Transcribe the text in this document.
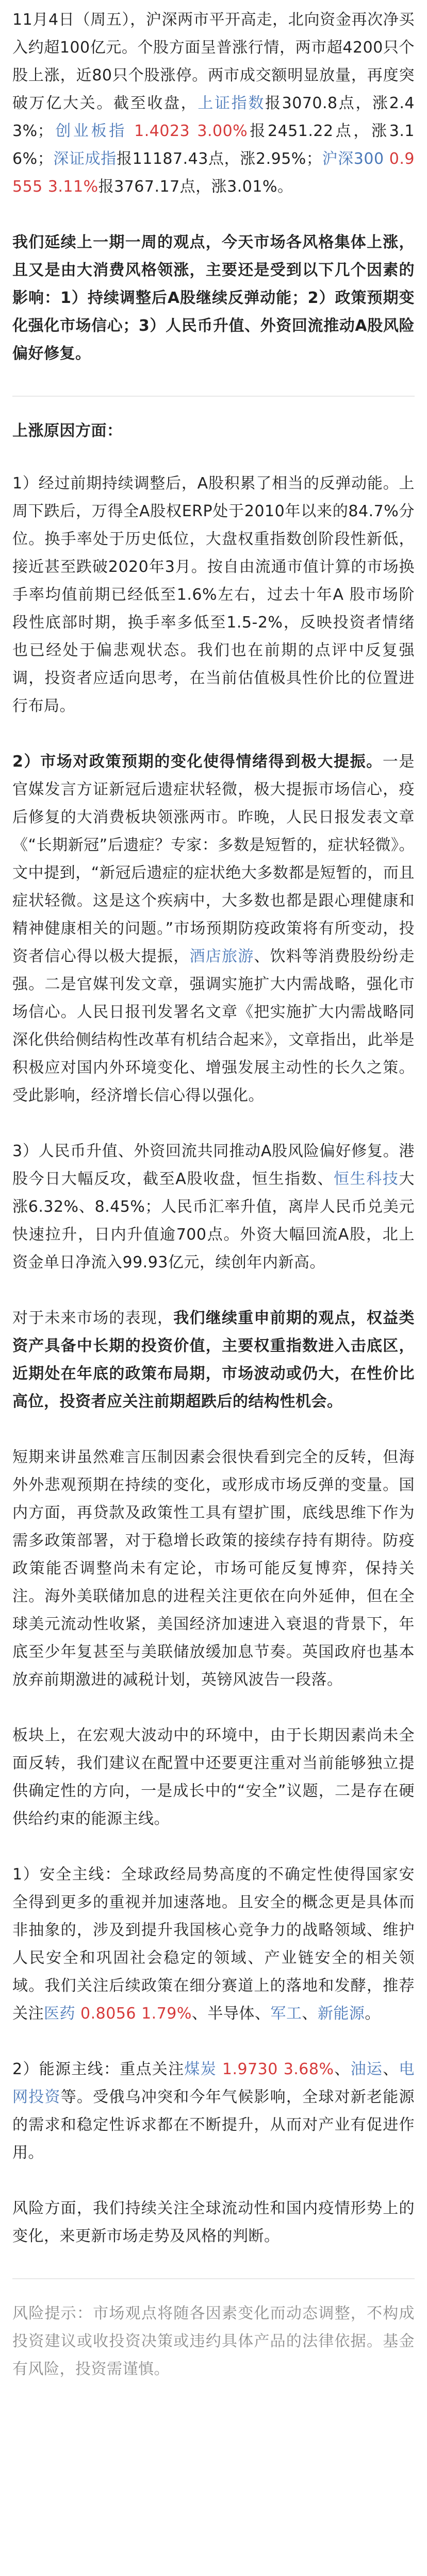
11月4日（周五），沪深两市平开高走，北向资金再次净买入约超100亿元。个股方面呈普涨行情，两市超4200只个股上涨，近80只个股涨停。两市成交额明显放量，再度突破万亿大关。截至收盘，上证指数报3070.8点，涨2.43%；创业板指 1.4023 3.00%报2451.22点，涨3.16%；深证成指报11187.43点，涨2.95%；沪深300 0.9555 3.11%报3767.17点，涨3.01%。

我们延续上一期一周的观点，今天市场各风格集体上涨，且又是由大消费风格领涨，主要还是受到以下几个因素的影响：1）持续调整后A股继续反弹动能；2）政策预期变化强化市场信心；3）人民币升值、外资回流推动A股风险偏好修复。

上涨原因方面：

1）经过前期持续调整后，A股积累了相当的反弹动能。上周下跌后，万得全A股权ERP处于2010年以来的84.7%分位。换手率处于历史低位，大盘权重指数创阶段性新低，接近甚至跌破2020年3月。按自由流通市值计算的市场换手率均值前期已经低至1.6%左右，过去十年A 股市场阶段性底部时期，换手率多低至1.5-2%，反映投资者情绪也已经处于偏悲观状态。我们也在前期的点评中反复强调，投资者应适向思考，在当前估值极具性价比的位置进行布局。

2）市场对政策预期的变化使得情绪得到极大提振。一是官媒发言方证新冠后遗症状轻微，极大提振市场信心，疫后修复的大消费板块领涨两市。昨晚，人民日报发表文章《“长期新冠”后遗症？专家：多数是短暂的，症状轻微》。文中提到，“新冠后遗症的症状绝大多数都是短暂的，而且症状轻微。这是这个疾病中，大多数也都是跟心理健康和精神健康相关的问题。”市场预期防疫政策将有所变动，投资者信心得以极大提振，酒店旅游、饮料等消费股纷纷走强。二是官媒刊发文章，强调实施扩大内需战略，强化市场信心。人民日报刊发署名文章《把实施扩大内需战略同深化供给侧结构性改革有机结合起来》，文章指出，此举是积极应对国内外环境变化、增强发展主动性的长久之策。受此影响，经济增长信心得以强化。

3）人民币升值、外资回流共同推动A股风险偏好修复。港股今日大幅反攻，截至A股收盘，恒生指数、恒生科技大涨6.32%、8.45%；人民币汇率升值，离岸人民币兑美元快速拉升，日内升值逾700点。外资大幅回流A股，北上资金单日净流入99.93亿元，续创年内新高。

对于未来市场的表现，我们继续重申前期的观点，权益类资产具备中长期的投资价值，主要权重指数进入击底区，近期处在年底的政策布局期，市场波动或仍大，在性价比高位，投资者应关注前期超跌后的结构性机会。

短期来讲虽然难言压制因素会很快看到完全的反转，但海外外悲观预期在持续的变化，或形成市场反弹的变量。国内方面，再贷款及政策性工具有望扩围，底线思维下作为需多政策部署，对于稳增长政策的接续存持有期待。防疫政策能否调整尚未有定论，市场可能反复博弈，保持关注。海外美联储加息的进程关注更依在向外延伸，但在全球美元流动性收紧，美国经济加速进入衰退的背景下，年底至少年复甚至与美联储放缓加息节奏。英国政府也基本放弃前期激进的减税计划，英镑风波告一段落。

板块上，在宏观大波动中的环境中，由于长期因素尚未全面反转，我们建议在配置中还要更注重对当前能够独立提供确定性的方向，一是成长中的“安全”议题，二是存在硬供给约束的能源主线。

1）安全主线：全球政经局势高度的不确定性使得国家安全得到更多的重视并加速落地。且安全的概念更是具体而非抽象的，涉及到提升我国核心竞争力的战略领域、维护人民安全和巩固社会稳定的领域、产业链安全的相关领域。我们关注后续政策在细分赛道上的落地和发酵，推荐关注医药 0.8056 1.79%、半导体、军工、新能源。

2）能源主线：重点关注煤炭 1.9730 3.68%、油运、电网投资等。受俄乌冲突和今年气候影响，全球对新老能源的需求和稳定性诉求都在不断提升，从而对产业有促进作用。

风险方面，我们持续关注全球流动性和国内疫情形势上的变化，来更新市场走势及风格的判断。

风险提示：市场观点将随各因素变化而动态调整，不构成投资建议或收投资决策或违约具体产品的法律依据。基金有风险，投资需谨慎。
